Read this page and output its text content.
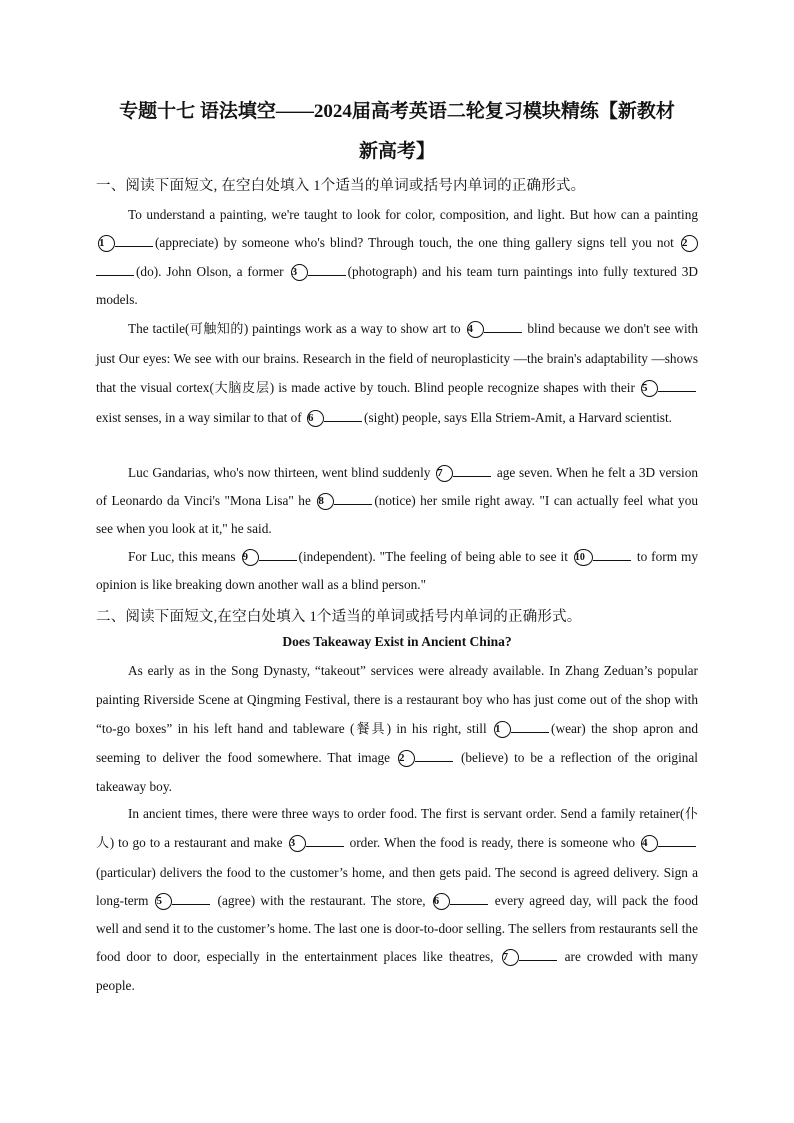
专题十七 语法填空——2024届高考英语二轮复习模块精练【新教材
新高考】
一、阅读下面短文, 在空白处填入 1个适当的单词或括号内单词的正确形式。
To understand a painting, we're taught to look for color, composition, and light. But how can a painting 1	(appreciate) by someone who's blind? Through touch, the one thing gallery signs tell you not 2(do). John Olson, a former 3	(photograph) and his team turn paintings into fully textured 3D models.
The tactile(可触知的) paintings work as a way to show art to 4	blind because we don't see with just Our eyes: We see with our brains. Research in the field of neuroplasticity —the brain's adaptability —shows that the visual cortex(大脑皮层) is made active by touch. Blind people recognize shapes with their 5 exist senses, in a way similar to that of 6	(sight) people, says Ella Striem-Amit, a Harvard scientist.
Luc Gandarias, who's now thirteen, went blind suddenly 7	age seven. When he felt a 3D version of Leonardo da Vinci's "Mona Lisa" he 8	(notice) her smile right away. "I can actually feel what you see when you look at it," he said.
For Luc, this means 9	(independent). "The feeling of being able to see it 10	to form my opinion is like breaking down another wall as a blind person."
二、阅读下面短文,在空白处填入 1个适当的单词或括号内单词的正确形式。
Does Takeaway Exist in Ancient China?
As early as in the Song Dynasty, “takeout” services were already available. In Zhang Zeduan’s popular painting Riverside Scene at Qingming Festival, there is a restaurant boy who has just come out of the shop with “to-go boxes” in his left hand and tableware (餐具) in his right, still 1	(wear) the shop apron and seeming to deliver the food somewhere. That image 2	(believe) to be a reflection of the original takeaway boy.
In ancient times, there were three ways to order food. The first is servant order. Send a family retainer(仆人) to go to a restaurant and make 3	order. When the food is ready, there is someone who 4 (particular) delivers the food to the customer’s home, and then gets paid. The second is agreed delivery. Sign a long-term 5	(agree) with the restaurant. The store, 6	every agreed day, will pack the food well and send it to the customer’s home. The last one is door-to-door selling. The sellers from restaurants sell the food door to door, especially in the entertainment places like theatres, 7	are crowded with many people.
